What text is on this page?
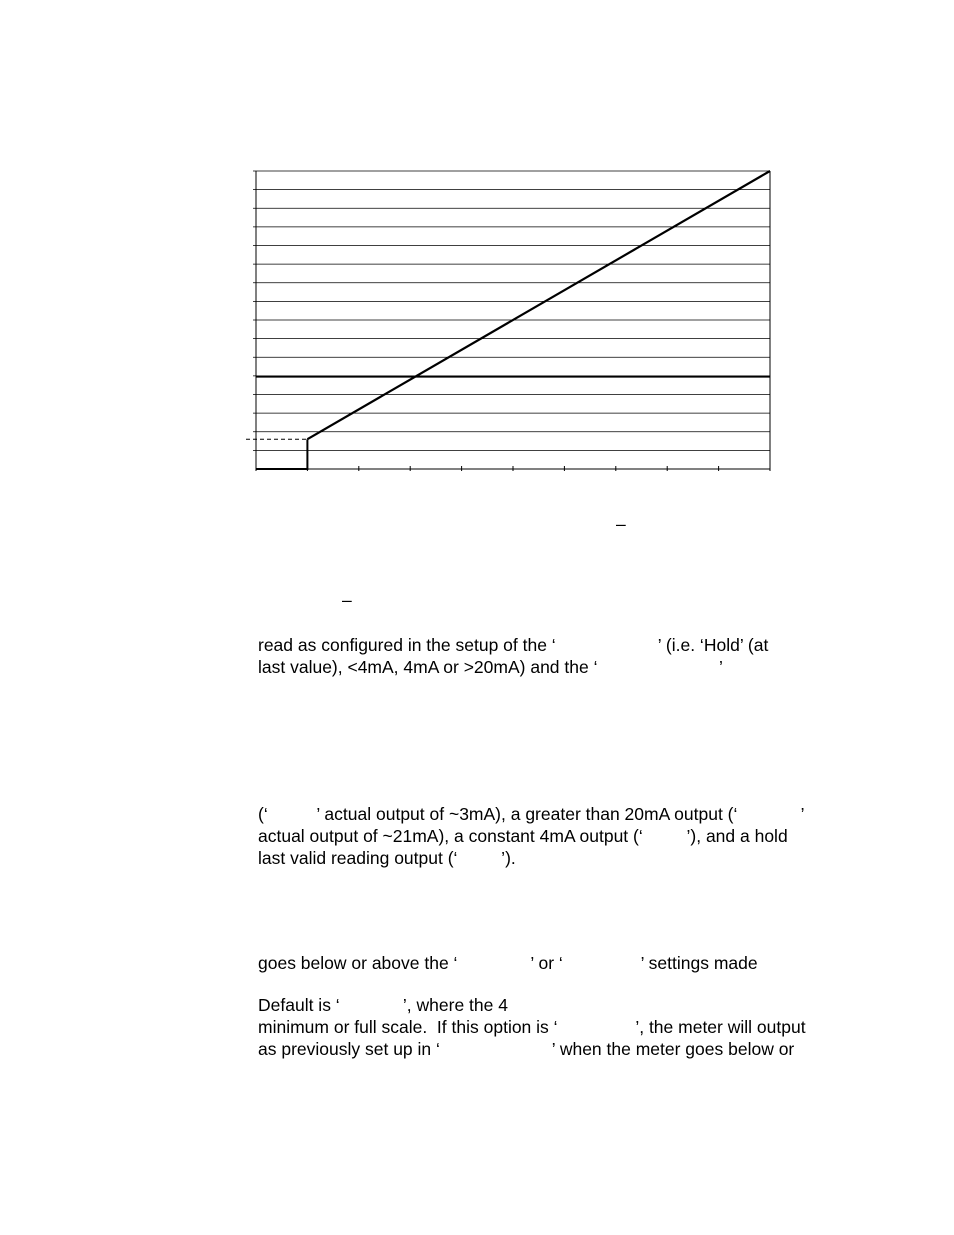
–
–
read as configured in the setup of the ‘                     ’ (i.e. ‘Hold’ (at
last value), <4mA, 4mA or >20mA) and the ‘                         ’
(‘          ’ actual output of ~3mA), a greater than 20mA output (‘             ’
actual output of ~21mA), a constant 4mA output (‘         ’), and a hold
last valid reading output (‘         ’).
goes below or above the ‘               ’ or ‘                ’ settings made
Default is ‘             ’, where the 4
minimum or full scale.  If this option is ‘                ’, the meter will output
as previously set up in ‘                       ’ when the meter goes below or
